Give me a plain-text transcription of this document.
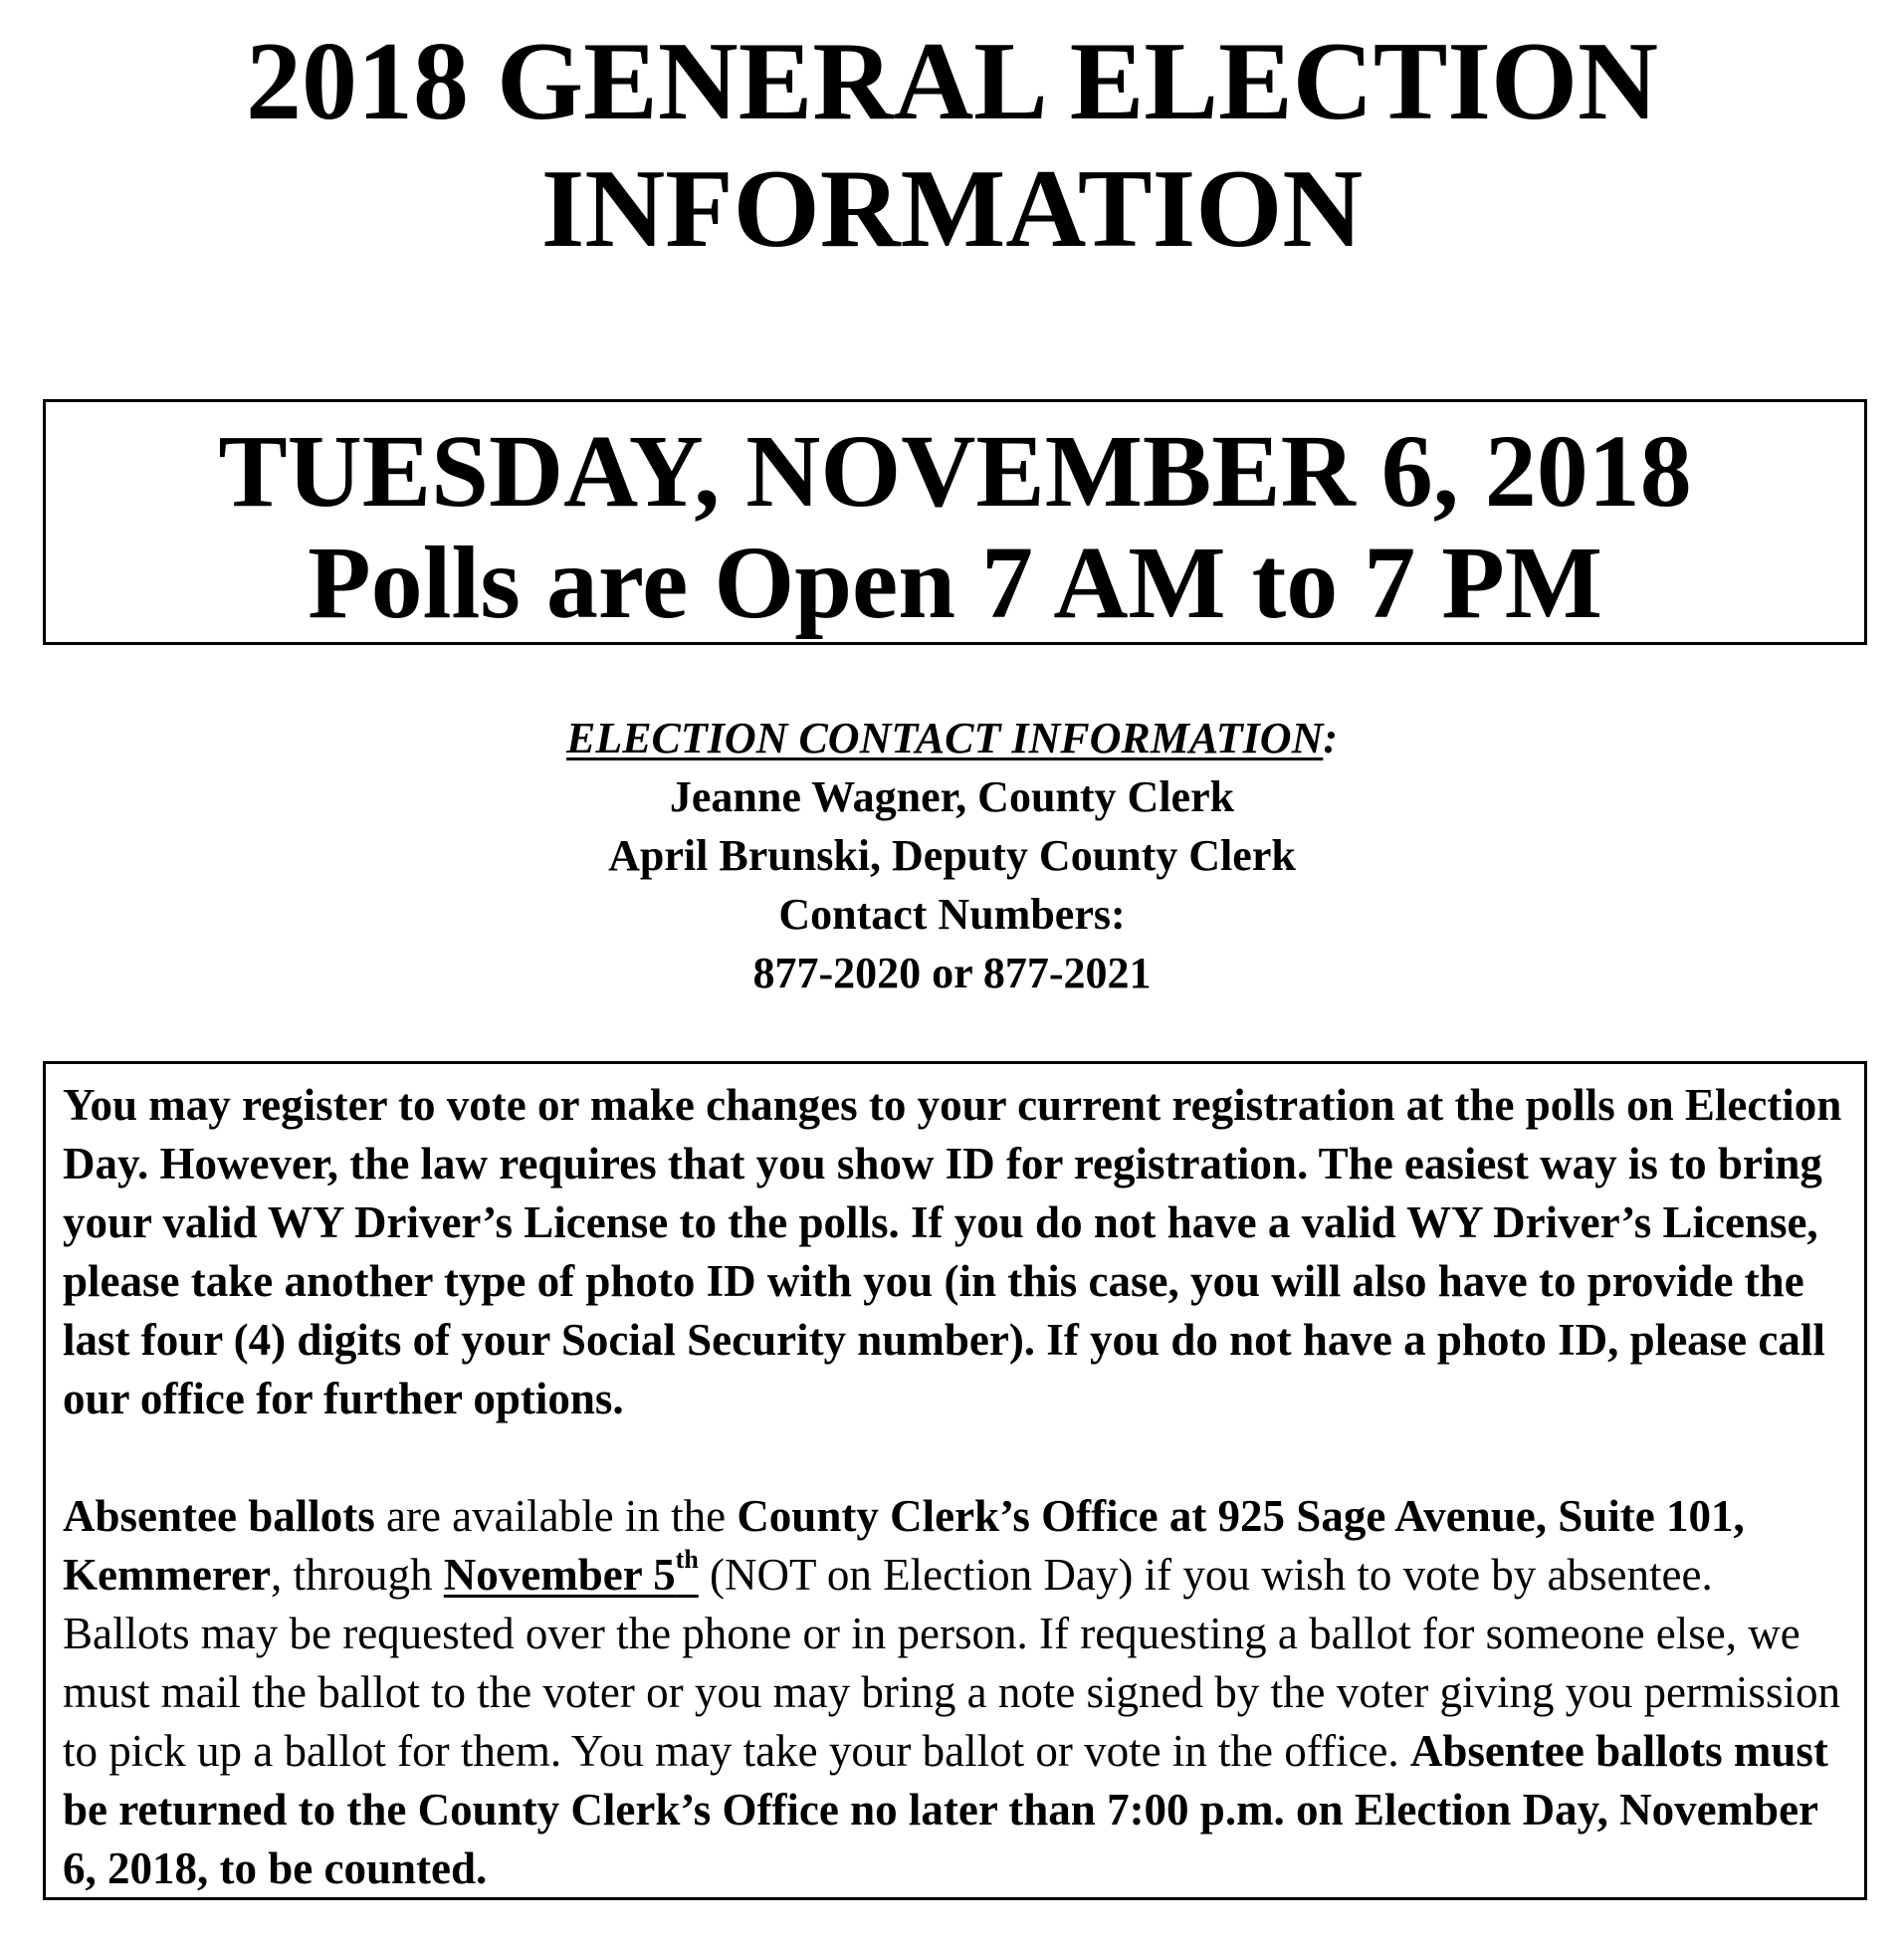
2018 GENERAL ELECTION
INFORMATION
TUESDAY, NOVEMBER 6, 2018
Polls are Open 7 AM to 7 PM
ELECTION CONTACT INFORMATION:
Jeanne Wagner, County Clerk
April Brunski, Deputy County Clerk
Contact Numbers:
877-2020 or 877-2021

You may register to vote or make changes to your current registration at the polls on Election Day. However, the law requires that you show ID for registration. The easiest way is to bring your valid WY Driver’s License to the polls. If you do not have a valid WY Driver’s License, please take another type of photo ID with you (in this case, you will also have to provide the last four (4) digits of your Social Security number). If you do not have a photo ID, please call our office for further options.

Absentee ballots are available in the County Clerk’s Office at 925 Sage Avenue, Suite 101, Kemmerer, through November 5th (NOT on Election Day) if you wish to vote by absentee. Ballots may be requested over the phone or in person. If requesting a ballot for someone else, we must mail the ballot to the voter or you may bring a note signed by the voter giving you permission to pick up a ballot for them. You may take your ballot or vote in the office. Absentee ballots must be returned to the County Clerk’s Office no later than 7:00 p.m. on Election Day, November 6, 2018, to be counted.
